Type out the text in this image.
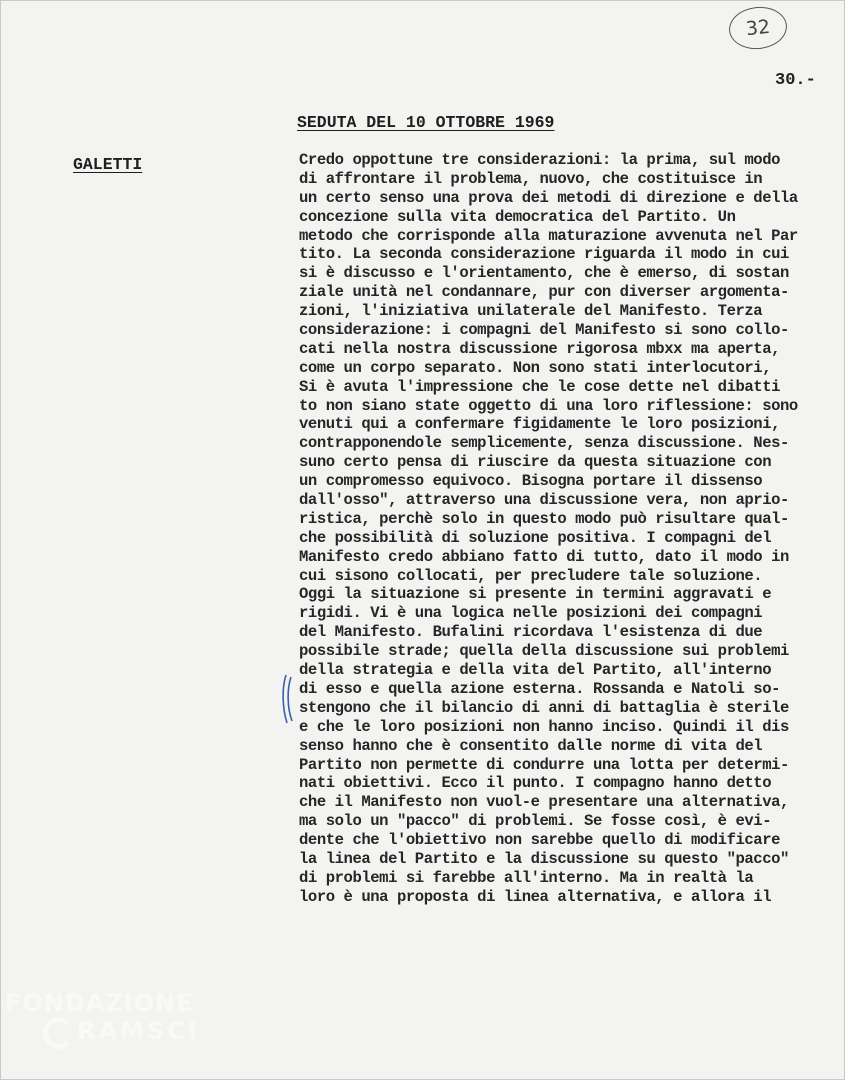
32
30.-
SEDUTA DEL 10 OTTOBRE 1969
GALETTI	Credo oppottune tre considerazioni: la prima, sul modo
di affrontare il problema, nuovo, che costituisce in
un certo senso una prova dei metodi di direzione e della
concezione sulla vita democratica del Partito. Un
metodo che corrisponde alla maturazione avvenuta nel Par
tito. La seconda considerazione riguarda il modo in cui
si è discusso e l'orientamento, che è emerso, di sostan
ziale unità nel condannare, pur con diverser argomenta-
zioni, l'iniziativa unilaterale del Manifesto. Terza
considerazione: i compagni del Manifesto si sono collo-
cati nella nostra discussione rigorosa mbxx ma aperta,
come un corpo separato. Non sono stati interlocutori,
Si è avuta l'impressione che le cose dette nel dibatti
to non siano state oggetto di una loro riflessione: sono
venuti qui a confermare figidamente le loro posizioni,
contrapponendole semplicemente, senza discussione. Nes-
suno certo pensa di riuscire da questa situazione con
un compromesso equivoco. Bisogna portare il dissenso
dall'osso", attraverso una discussione vera, non aprio-
ristica, perchè solo in questo modo può risultare qual-
che possibilità di soluzione positiva. I compagni del
Manifesto credo abbiano fatto di tutto, dato il modo in
cui sisono collocati, per precludere tale soluzione.
Oggi la situazione si presente in termini aggravati e
rigidi. Vi è una logica nelle posizioni dei compagni
del Manifesto. Bufalini ricordava l'esistenza di due
possibile strade; quella della discussione sui problemi
della strategia e della vita del Partito, all'interno
di esso e quella azione esterna. Rossanda e Natoli so-
stengono che il bilancio di anni di battaglia è sterile
e che le loro posizioni non hanno inciso. Quindi il dis
senso hanno che è consentito dalle norme di vita del
Partito non permette di condurre una lotta per determi-
nati obiettivi. Ecco il punto. I compagno hanno detto
che il Manifesto non vuol-e presentare una alternativa,
ma solo un "pacco" di problemi. Se fosse così, è evi-
dente che l'obiettivo non sarebbe quello di modificare
la linea del Partito e la discussione su questo "pacco"
di problemi si farebbe all'interno. Ma in realtà la
loro è una proposta di linea alternativa, e allora il
FONDAZIONE
RAMSCI
